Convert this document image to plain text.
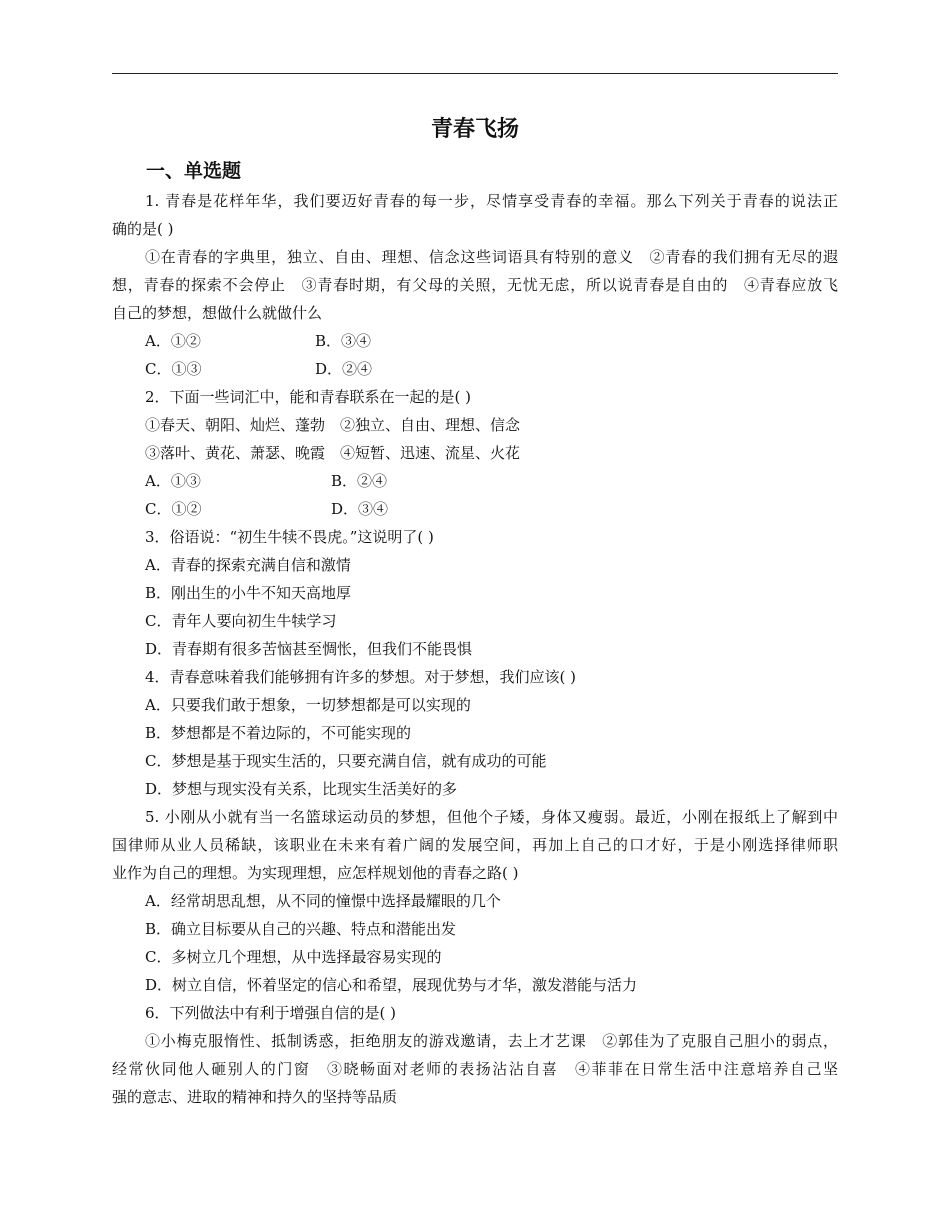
青春飞扬
一、单选题
1. 青春是花样年华，我们要迈好青春的每一步，尽情享受青春的幸福。那么下列关于青春的说法正
确的是( )
①在青春的字典里，独立、自由、理想、信念这些词语具有特别的意义　②青春的我们拥有无尽的遐
想，青春的探索不会停止　③青春时期，有父母的关照，无忧无虑，所以说青春是自由的　④青春应放飞
自己的梦想，想做什么就做什么
A．①②	B．③④
C．①③	D．②④
2．下面一些词汇中，能和青春联系在一起的是( )
①春天、朝阳、灿烂、蓬勃　②独立、自由、理想、信念
③落叶、黄花、萧瑟、晚霞　④短暂、迅速、流星、火花
A．①③	B．②④
C．①②	D．③④
3．俗语说：“初生牛犊不畏虎。”这说明了( )
A．青春的探索充满自信和激情
B．刚出生的小牛不知天高地厚
C．青年人要向初生牛犊学习
D．青春期有很多苦恼甚至惆怅，但我们不能畏惧
4．青春意味着我们能够拥有许多的梦想。对于梦想，我们应该( )
A．只要我们敢于想象，一切梦想都是可以实现的
B．梦想都是不着边际的，不可能实现的
C．梦想是基于现实生活的，只要充满自信，就有成功的可能
D．梦想与现实没有关系，比现实生活美好的多
5. 小刚从小就有当一名篮球运动员的梦想，但他个子矮，身体又瘦弱。最近，小刚在报纸上了解到中
国律师从业人员稀缺，该职业在未来有着广阔的发展空间，再加上自己的口才好，于是小刚选择律师职
业作为自己的理想。为实现理想，应怎样规划他的青春之路( )
A．经常胡思乱想，从不同的憧憬中选择最耀眼的几个
B．确立目标要从自己的兴趣、特点和潜能出发
C．多树立几个理想，从中选择最容易实现的
D．树立自信，怀着坚定的信心和希望，展现优势与才华，激发潜能与活力
6．下列做法中有利于增强自信的是( )
①小梅克服惰性、抵制诱惑，拒绝朋友的游戏邀请，去上才艺课　②郭佳为了克服自己胆小的弱点，
经常伙同他人砸别人的门窗　③晓畅面对老师的表扬沾沾自喜　④菲菲在日常生活中注意培养自己坚
强的意志、进取的精神和持久的坚持等品质
